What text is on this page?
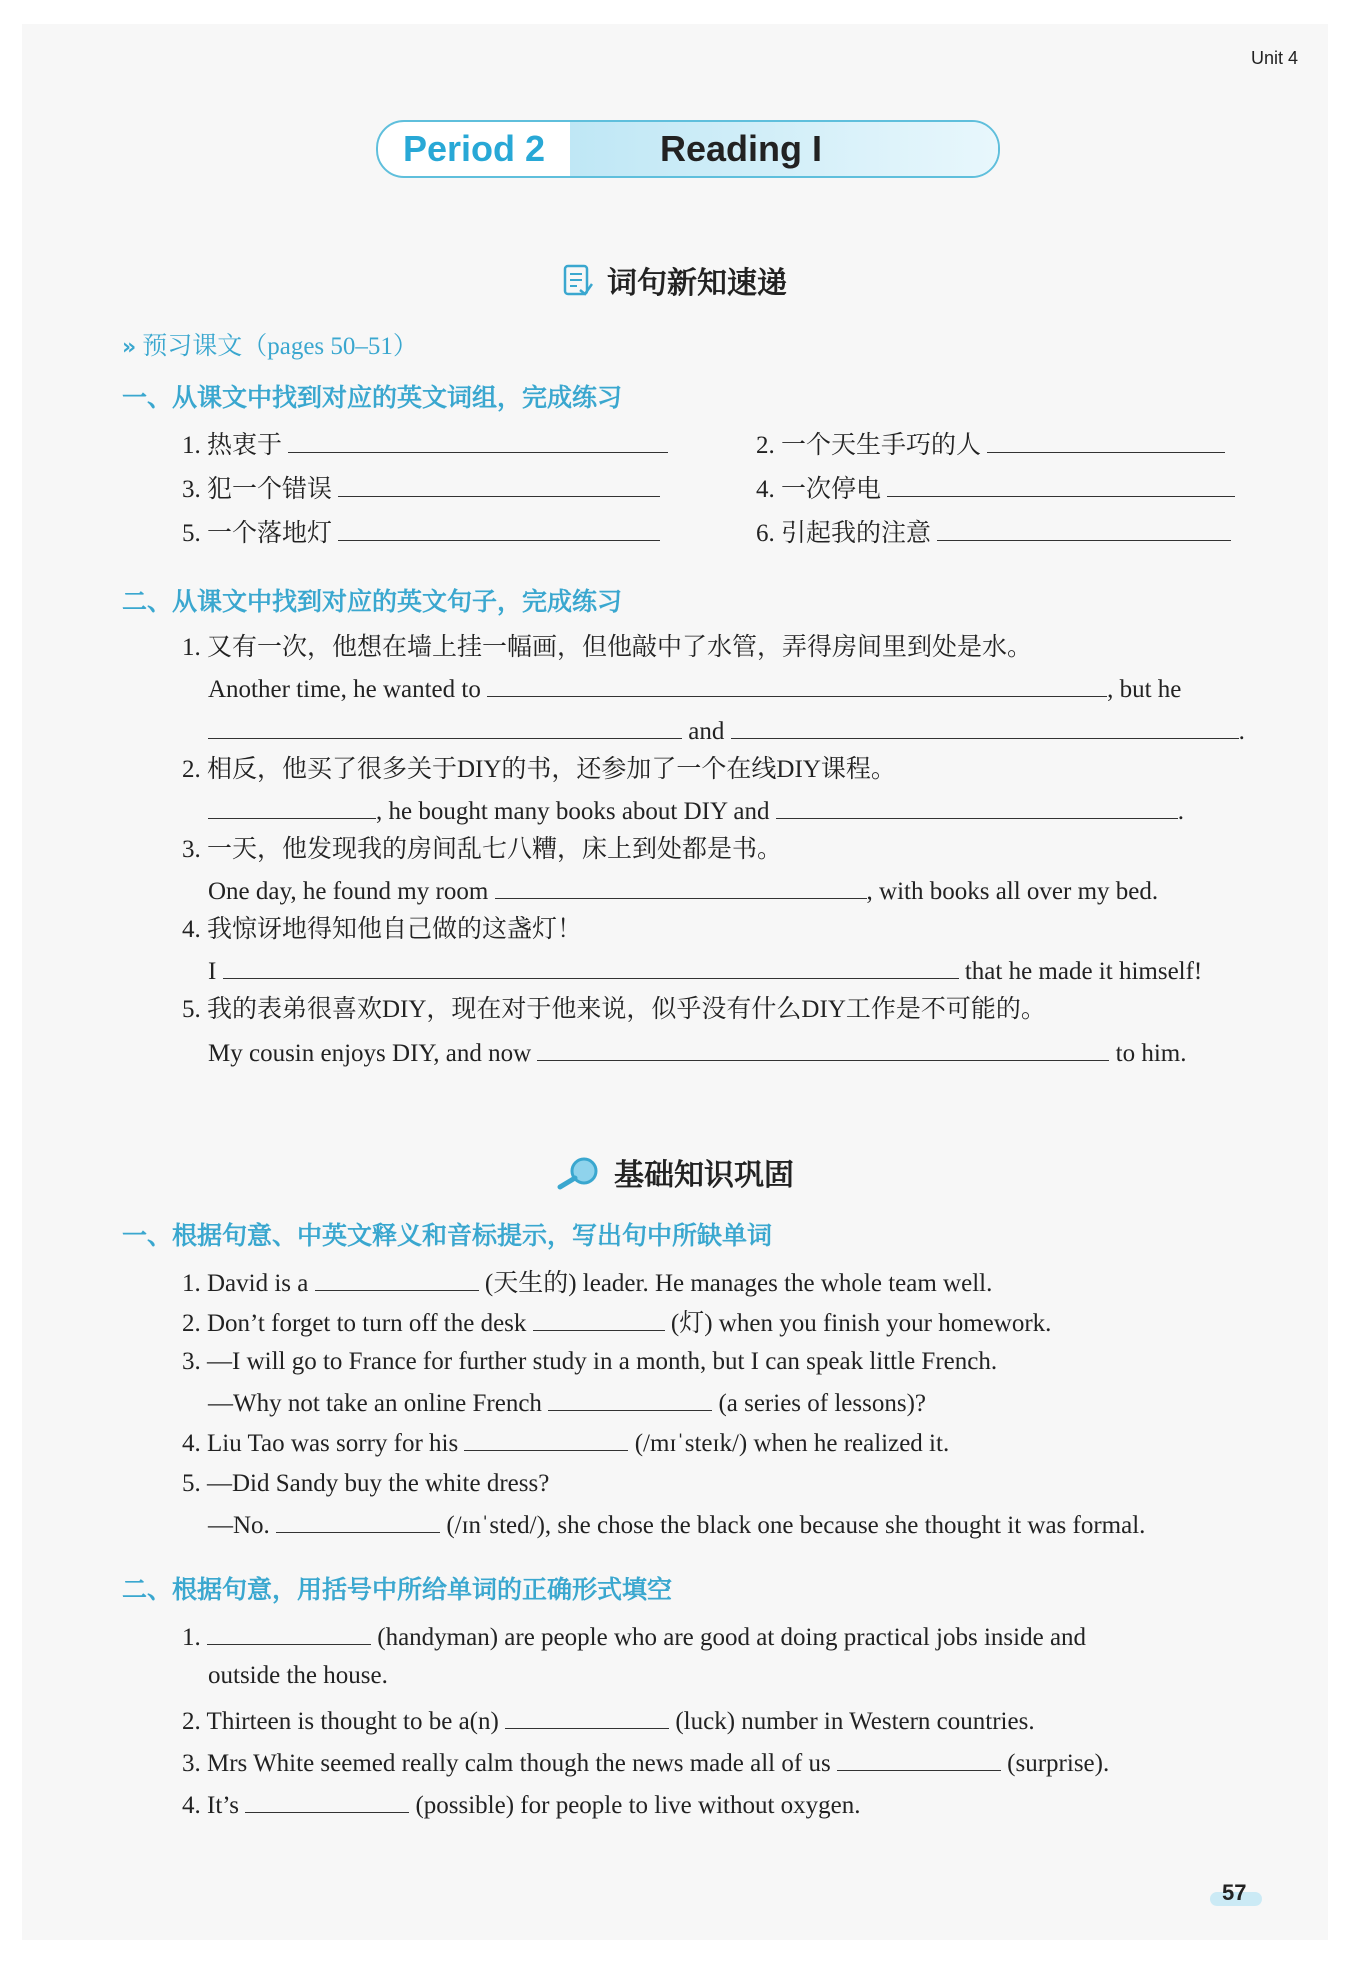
Unit 4
Period 2	Reading I
词句新知速递
» 预习课文（pages 50–51）
一、从课文中找到对应的英文词组，完成练习
1. 热衷于	2. 一个天生手巧的人
3. 犯一个错误	4. 一次停电
5. 一个落地灯	6. 引起我的注意
二、从课文中找到对应的英文句子，完成练习
1. 又有一次，他想在墙上挂一幅画，但他敲中了水管，弄得房间里到处是水。
Another time, he wanted to	, but he
and	.
2. 相反，他买了很多关于DIY的书，还参加了一个在线DIY课程。
, he bought many books about DIY and	.
3. 一天，他发现我的房间乱七八糟，床上到处都是书。
One day, he found my room	, with books all over my bed.
4. 我惊讶地得知他自己做的这盏灯！
I	that he made it himself!
5. 我的表弟很喜欢DIY，现在对于他来说，似乎没有什么DIY工作是不可能的。
My cousin enjoys DIY, and now	to him.
基础知识巩固
一、根据句意、中英文释义和音标提示，写出句中所缺单词
1. David is a	(天生的) leader. He manages the whole team well.
2. Don’t forget to turn off the desk	(灯) when you finish your homework.
3. —I will go to France for further study in a month, but I can speak little French.
—Why not take an online French	(a series of lessons)?
4. Liu Tao was sorry for his	(/mɪˈsteɪk/) when he realized it.
5. —Did Sandy buy the white dress?
—No.	(/ɪnˈsted/), she chose the black one because she thought it was formal.
二、根据句意，用括号中所给单词的正确形式填空
1.	(handyman) are people who are good at doing practical jobs inside and
outside the house.
2. Thirteen is thought to be a(n)	(luck) number in Western countries.
3. Mrs White seemed really calm though the news made all of us	(surprise).
4. It’s	(possible) for people to live without oxygen.
57
